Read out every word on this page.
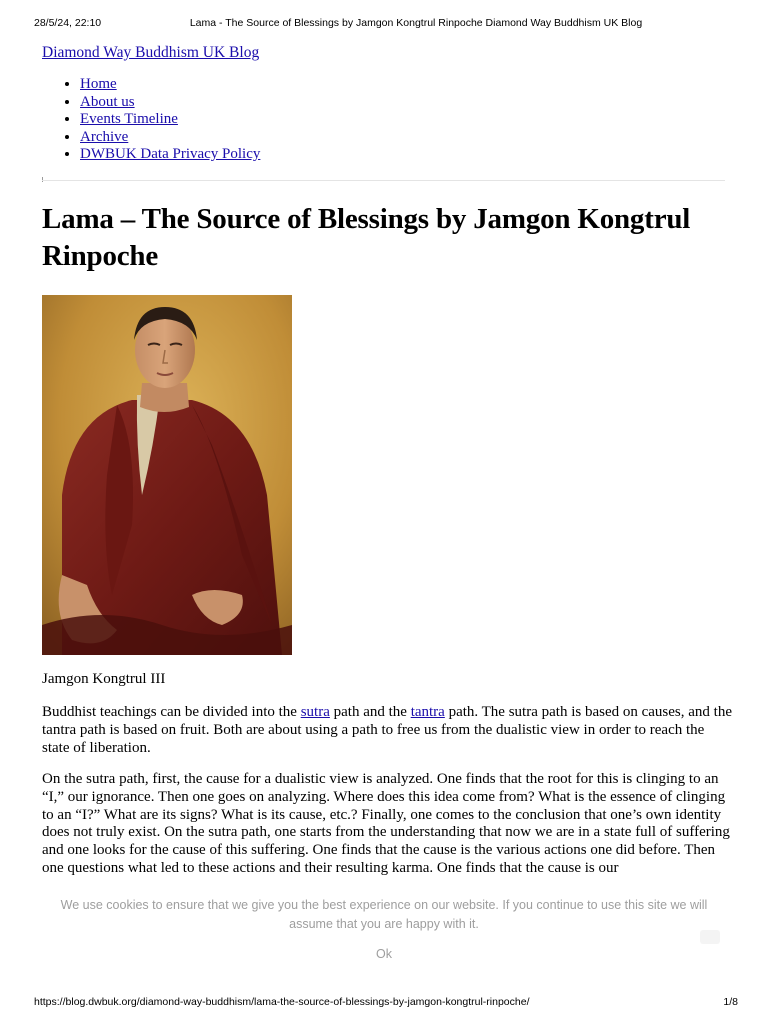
28/5/24, 22:10	Lama - The Source of Blessings by Jamgon Kongtrul Rinpoche Diamond Way Buddhism UK Blog
Diamond Way Buddhism UK Blog
• Home
• About us
• Events Timeline
• Archive
• DWBUK Data Privacy Policy
Lama – The Source of Blessings by Jamgon Kongtrul Rinpoche
Jamgon Kongtrul III

Buddhist teachings can be divided into the sutra path and the tantra path. The sutra path is based on causes, and the tantra path is based on fruit. Both are about using a path to free us from the dualistic view in order to reach the state of liberation.

On the sutra path, first, the cause for a dualistic view is analyzed. One finds that the root for this is clinging to an “I,” our ignorance. Then one goes on analyzing. Where does this idea come from? What is the essence of clinging to an “I?” What are its signs? What is its cause, etc.? Finally, one comes to the conclusion that one’s own identity does not truly exist. On the sutra path, one starts from the understanding that now we are in a state full of suffering and one looks for the cause of this suffering. One finds that the cause is the various actions one did before. Then one questions what led to these actions and their resulting karma. One finds that the cause is our

We use cookies to ensure that we give you the best experience on our website. If you continue to use this site we will assume that you are happy with it.
Ok
https://blog.dwbuk.org/diamond-way-buddhism/lama-the-source-of-blessings-by-jamgon-kongtrul-rinpoche/	1/8
